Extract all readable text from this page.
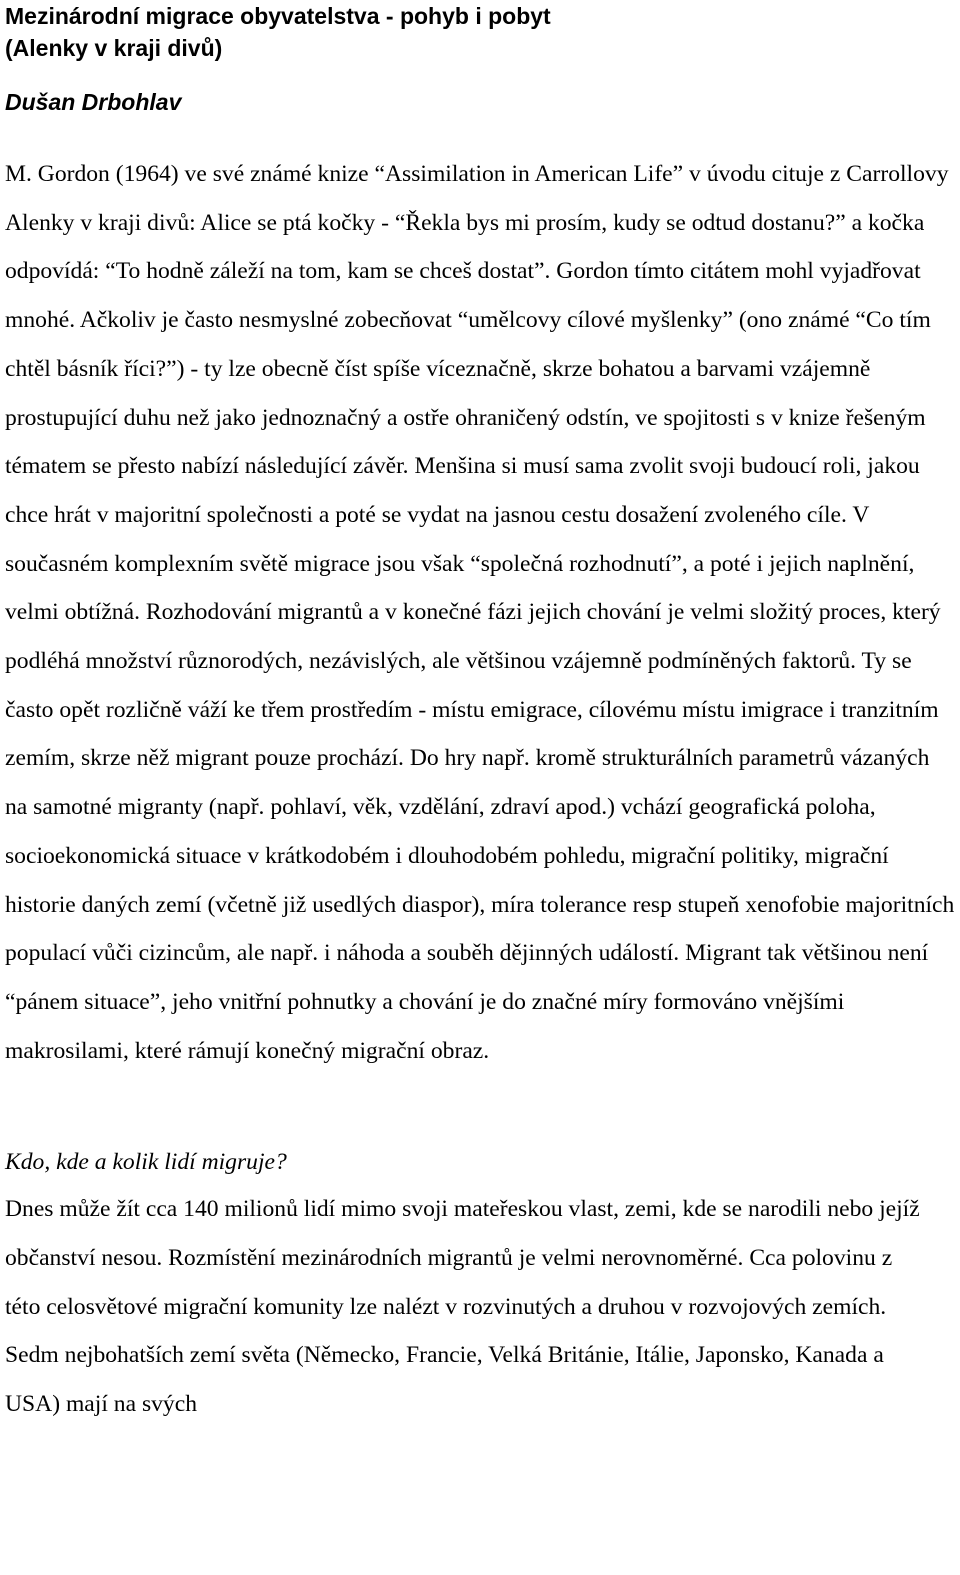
Mezinárodní migrace obyvatelstva - pohyb i pobyt
(Alenky v kraji divů)

Dušan Drbohlav

M. Gordon (1964) ve své známé knize “Assimilation in American Life” v úvodu cituje z Carrollovy Alenky v kraji divů: Alice se ptá kočky - “Řekla bys mi prosím, kudy se odtud dostanu?” a kočka odpovídá: “To hodně záleží na tom, kam se chceš dostat”. Gordon tímto citátem mohl vyjadřovat mnohé. Ačkoliv je často nesmyslné zobecňovat “umělcovy cílové myšlenky” (ono známé “Co tím chtěl básník říci?”) - ty lze obecně číst spíše víceznačně, skrze bohatou a barvami vzájemně prostupující duhu než jako jednoznačný a ostře ohraničený odstín, ve spojitosti s v knize řešeným tématem se přesto nabízí následující závěr. Menšina si musí sama zvolit svoji budoucí roli, jakou chce hrát v majoritní společnosti a poté se vydat na jasnou cestu dosažení zvoleného cíle. V současném komplexním světě migrace jsou však “společná rozhodnutí”, a poté i jejich naplnění, velmi obtížná. Rozhodování migrantů a v konečné fázi jejich chování je velmi složitý proces, který podléhá množství různorodých, nezávislých, ale většinou vzájemně podmíněných faktorů. Ty se často opět rozličně váží ke třem prostředím - místu emigrace, cílovému místu imigrace i tranzitním zemím, skrze něž migrant pouze prochází. Do hry např. kromě strukturálních parametrů vázaných na samotné migranty (např. pohlaví, věk, vzdělání, zdraví apod.) vchází geografická poloha, socioekonomická situace v krátkodobém i dlouhodobém pohledu, migrační politiky, migrační historie daných zemí (včetně již usedlých diaspor), míra tolerance resp stupeň xenofobie majoritních populací vůči cizincům, ale např. i náhoda a souběh dějinných událostí. Migrant tak většinou není “pánem situace”, jeho vnitřní pohnutky a chování je do značné míry formováno vnějšími makrosilami, které rámují konečný migrační obraz.

Kdo, kde a kolik lidí migruje?

Dnes může žít cca 140 milionů lidí mimo svoji mateřeskou vlast, zemi, kde se narodili nebo jejíž občanství nesou. Rozmístění mezinárodních migrantů je velmi nerovnoměrné. Cca polovinu z této celosvětové migrační komunity lze nalézt v rozvinutých a druhou v rozvojových zemích. Sedm nejbohatších zemí světa (Německo, Francie, Velká Británie, Itálie, Japonsko, Kanada a USA) mají na svých
